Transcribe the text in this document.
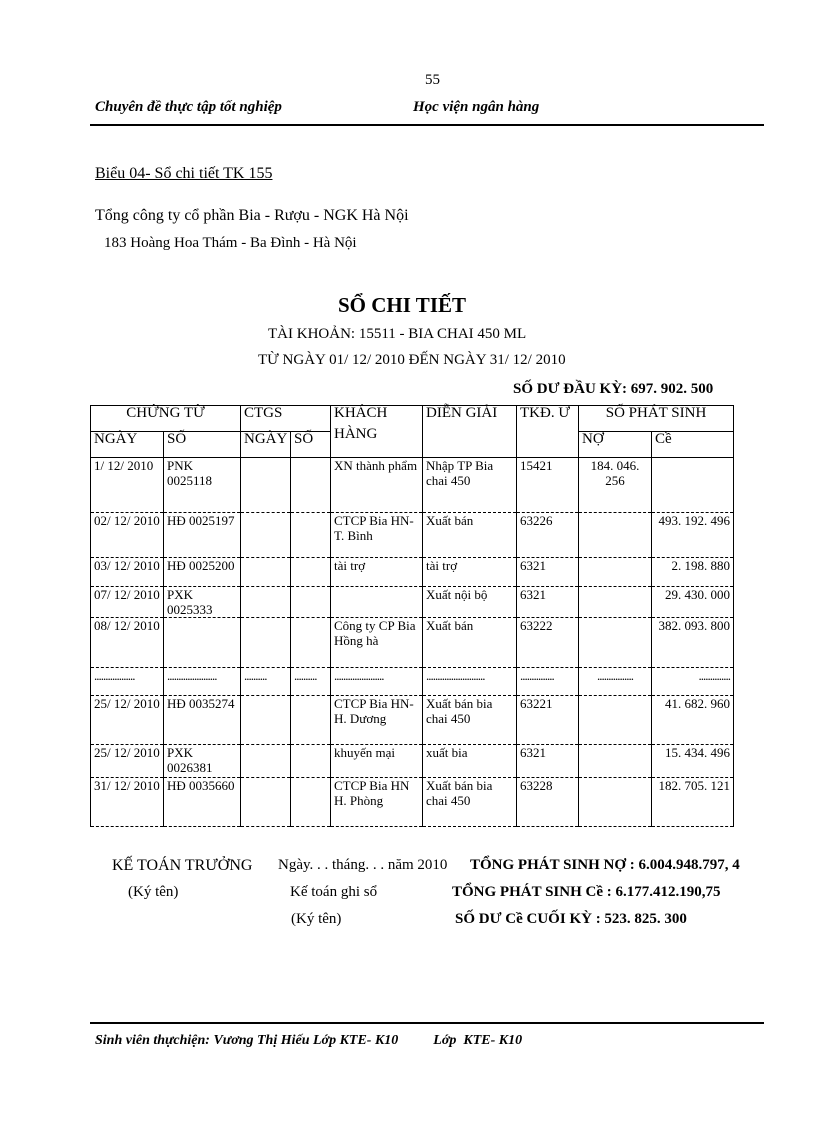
55
Chuyên đề thực tập tốt nghiệp	Học viện ngân hàng
Biểu 04- Sổ chi tiết TK 155
Tổng công ty cổ phần Bia - Rượu - NGK Hà Nội
183 Hoàng Hoa Thám - Ba Đình - Hà Nội
SỔ CHI TIẾT
TÀI KHOẢN: 15511 - BIA CHAI 450 ML
TỪ NGÀY 01/ 12/ 2010 ĐẾN NGÀY 31/ 12/ 2010
SỐ DƯ ĐẦU KỲ: 697. 902. 500
CHỨNG TỪ		CTGS		KHÁCH
HÀNG	DIỄN GIẢI	TKĐ. Ư	SỐ PHÁT SINH	
NGÀY	SỐ	NGÀY	SỐ				NỢ	Cề
1/ 12/ 2010	PNK 0025118			XN thành phẩm	Nhập TP Bia chai 450	15421	184. 046. 256	
02/ 12/ 2010	HĐ 0025197			CTCP Bia HN-T. Bình	Xuất bán	63226		493. 192. 496
03/ 12/ 2010	HĐ 0025200			tài trợ	tài trợ	6321		2. 198. 880
07/ 12/ 2010	PXK 0025333				Xuất nội bộ	6321		29. 430. 000
08/ 12/ 2010				Công ty CP Bia Hồng hà	Xuất bán	63222		382. 093. 800
..................	......................	..........	..........	......................	..........................	...............	................	..............
25/ 12/ 2010	HĐ 0035274			CTCP Bia HN-H. Dương	Xuất bán bia chai 450	63221		41. 682. 960
25/ 12/ 2010	PXK 0026381			khuyến mại	xuất bia	6321		15. 434. 496
31/ 12/ 2010	HĐ 0035660			CTCP Bia HN H. Phòng	Xuất bán bia chai 450	63228		182. 705. 121
KẾ TOÁN TRƯỞNG
(Ký tên)
Ngày. . . tháng. . . năm 2010
Kế toán ghi sổ
(Ký tên)
TỔNG PHÁT SINH NỢ : 6.004.948.797, 4
TỔNG PHÁT SINH Cề : 6.177.412.190,75
SỐ DƯ Cề CUỐI KỲ : 523. 825. 300
Sinh viên thựchiện: Vương Thị Hiếu Lớp KTE- K10          Lớp  KTE- K10
